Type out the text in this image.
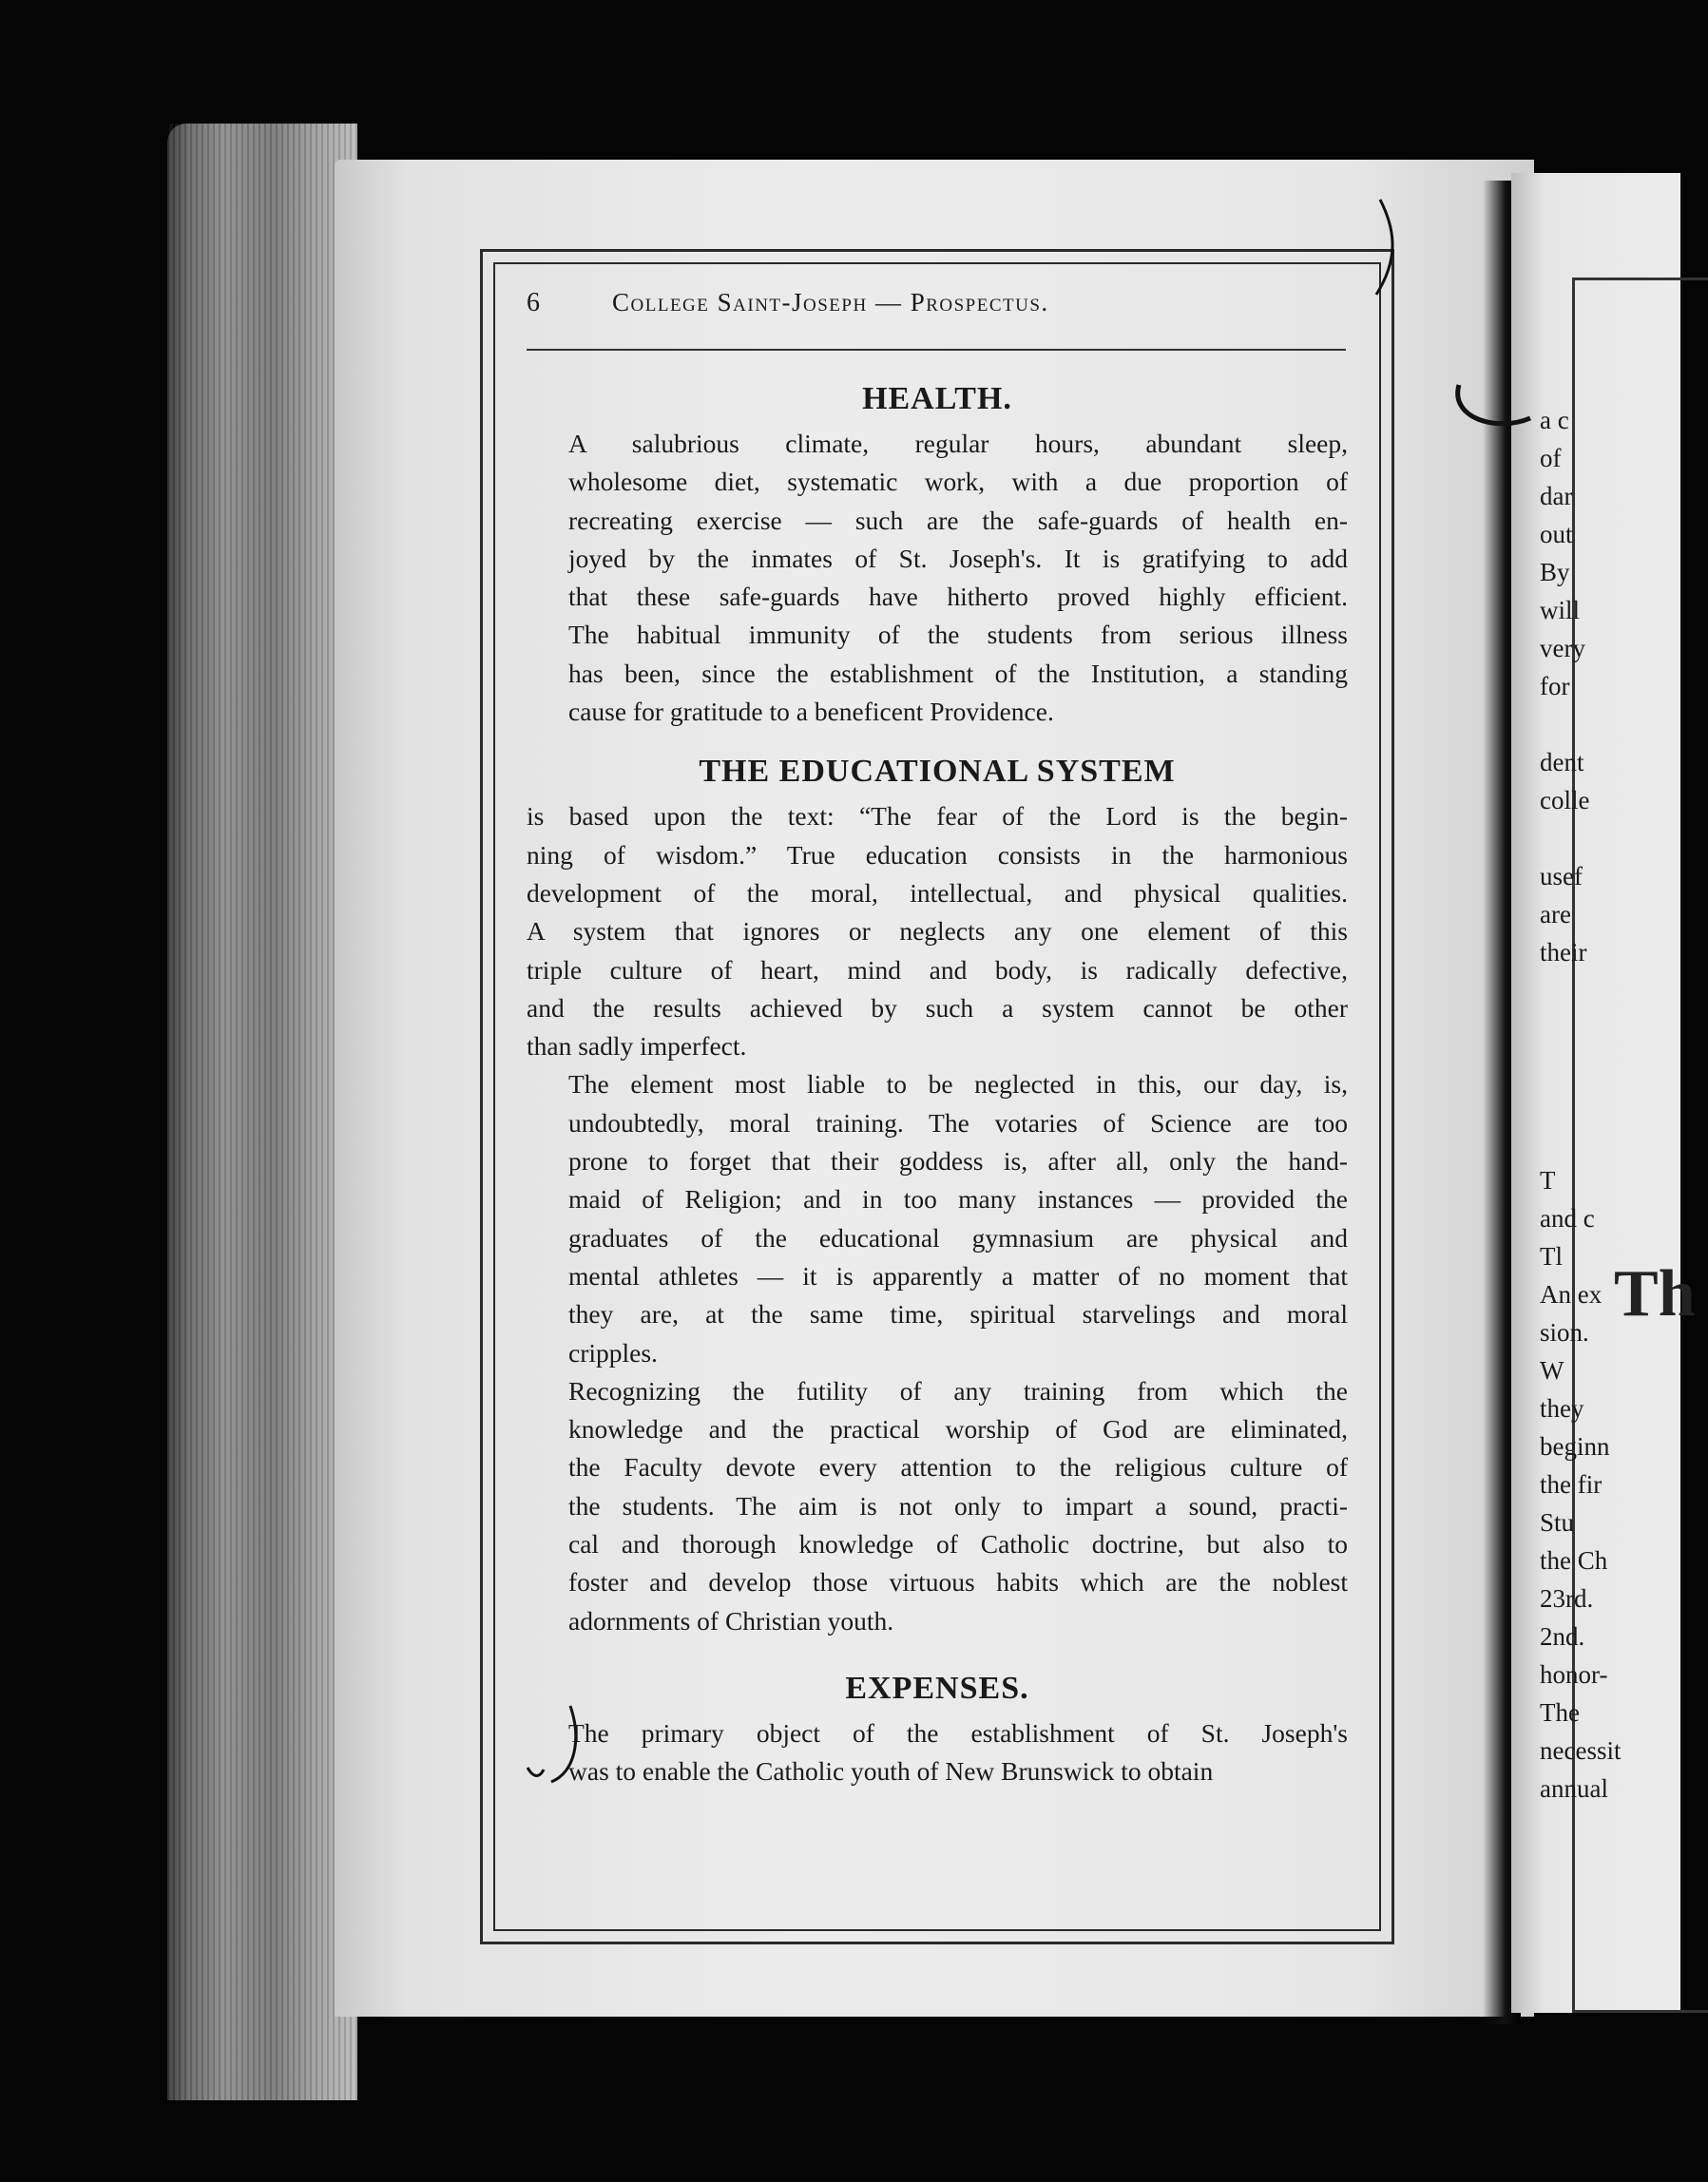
a c
of
dar
out
By
will
very
for

dent
colle

usef
are
their

T
and c
Tl
An ex
sion.
W
they
beginn
the fir
Stu
the Ch
23rd.
2nd.
honor-
The
necessit
annual
Th
6	College Saint-Joseph — Prospectus.
HEALTH.
A salubrious climate, regular hours, abundant sleep,
wholesome diet, systematic work, with a due proportion of
recreating exercise — such are the safe-guards of health en-
joyed by the inmates of St. Joseph's. It is gratifying to add
that these safe-guards have hitherto proved highly efficient.
The habitual immunity of the students from serious illness
has been, since the establishment of the Institution, a standing
cause for gratitude to a beneficent Providence.
THE EDUCATIONAL SYSTEM
is based upon the text: “The fear of the Lord is the begin-
ning of wisdom.” True education consists in the harmonious
development of the moral, intellectual, and physical qualities.
A system that ignores or neglects any one element of this
triple culture of heart, mind and body, is radically defective,
and the results achieved by such a system cannot be other
than sadly imperfect.
The element most liable to be neglected in this, our day, is,
undoubtedly, moral training. The votaries of Science are too
prone to forget that their goddess is, after all, only the hand-
maid of Religion; and in too many instances — provided the
graduates of the educational gymnasium are physical and
mental athletes — it is apparently a matter of no moment that
they are, at the same time, spiritual starvelings and moral
cripples.
Recognizing the futility of any training from which the
knowledge and the practical worship of God are eliminated,
the Faculty devote every attention to the religious culture of
the students. The aim is not only to impart a sound, practi-
cal and thorough knowledge of Catholic doctrine, but also to
foster and develop those virtuous habits which are the noblest
adornments of Christian youth.
EXPENSES.
The primary object of the establishment of St. Joseph's
was to enable the Catholic youth of New Brunswick to obtain
